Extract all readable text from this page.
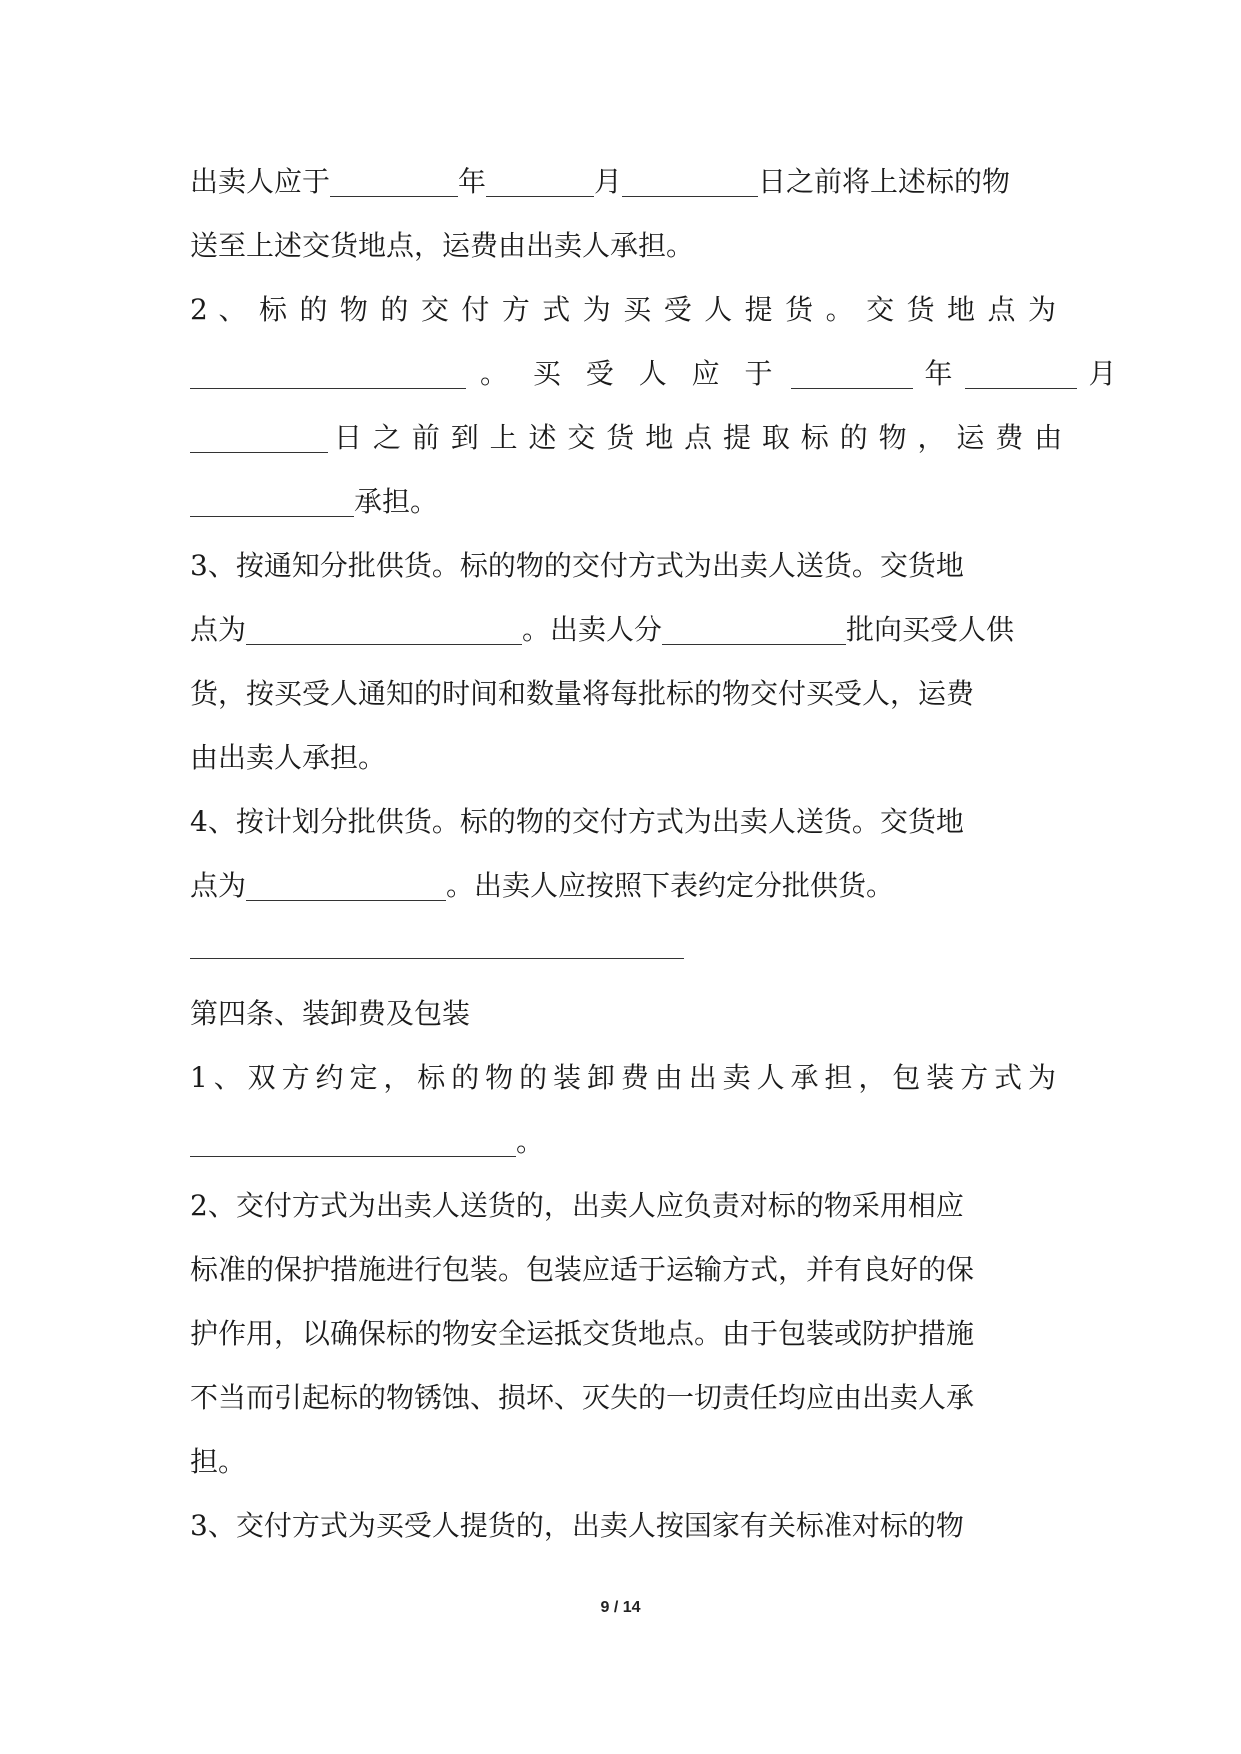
出卖人应于	年	月	日之前将上述标的物
送至上述交货地点，运费由出卖人承担。
2 、 标 的 物 的 交 付 方 式 为 买 受 人 提 货 。 交 货 地 点 为
。 买 受 人 应 于	年	月
日 之 前 到 上 述 交 货 地 点 提 取 标 的 物 ， 运 费 由
承担。
3、按通知分批供货。标的物的交付方式为出卖人送货。交货地
点为	。出卖人分	批向买受人供
货，按买受人通知的时间和数量将每批标的物交付买受人，运费
由出卖人承担。
4、按计划分批供货。标的物的交付方式为出卖人送货。交货地
点为	。出卖人应按照下表约定分批供货。
第四条、装卸费及包装
1、双方约定，标的物的装卸费由出卖人承担，包装方式为
。
2、交付方式为出卖人送货的，出卖人应负责对标的物采用相应
标准的保护措施进行包装。包装应适于运输方式，并有良好的保
护作用，以确保标的物安全运抵交货地点。由于包装或防护措施
不当而引起标的物锈蚀、损坏、灭失的一切责任均应由出卖人承
担。
3、交付方式为买受人提货的，出卖人按国家有关标准对标的物
9 / 14
